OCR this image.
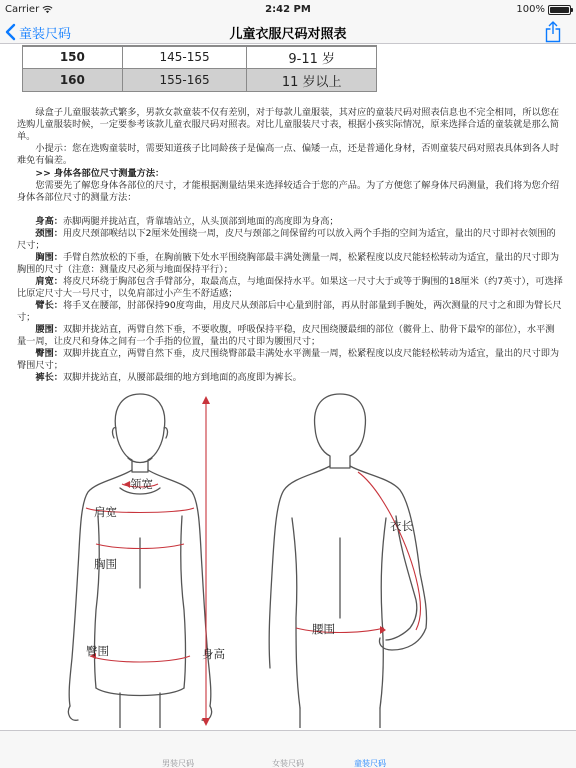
Carrier	2:42 PM	100%
童装尺码	儿童衣服尺码对照表
150	145-155	9-11 岁
160	155-165	11 岁以上

绿盒子儿童服装款式繁多，男款女款童装不仅有差别，对于每款儿童服装，其对应的童装尺码对照表信息也不完全相同，所以您在选购儿童服装时候，一定要参考该款儿童衣服尺码对照表。对比儿童服装尺寸表，根据小孩实际情况，原来选择合适的童装就是那么简单。

小提示：您在选购童装时，需要知道孩子比同龄孩子是偏高一点、偏矮一点，还是普通化身材，否则童装尺码对照表具体到各人时难免有偏差。

>> 身体各部位尺寸测量方法：

您需要先了解您身体各部位的尺寸，才能根据测量结果来选择较适合于您的产品。为了方便您了解身体尺码测量，我们将为您介绍身体各部位尺寸的测量方法：

身高：赤脚两腿并拢站直，背靠墙站立，从头顶部到地面的高度即为身高；

颈围：用皮尺颈部喉结以下2厘米处围绕一周，皮尺与颈部之间保留约可以放入两个手指的空间为适宜，量出的尺寸即衬衣领围的尺寸；

胸围：手臂自然放松的下垂，在胸前腋下处水平围绕胸部最丰满处测量一周，松紧程度以皮尺能轻松转动为适宜，量出的尺寸即为胸围的尺寸（注意：测量皮尺必须与地面保持平行）；

肩宽：将皮尺环绕于胸部包含手臂部分，取最高点，与地面保持水平。如果这一尺寸大于或等于胸围的18厘米（约7英寸），可选择比原定尺寸大一号尺寸，以免肩部过小产生不舒适感；

臂长：将手叉在腰部，肘部保持90度弯曲，用皮尺从颈部后中心量到肘部，再从肘部量到手腕处，两次测量的尺寸之和即为臂长尺寸；

腰围：双脚并拢站直，两臂自然下垂，不要收腹，呼吸保持平稳，皮尺围绕腰最细的部位（髋骨上、肋骨下最窄的部位），水平测量一周，让皮尺和身体之间有一个手指的位置，量出的尺寸即为腰围尺寸；

臀围：双脚并拢直立，两臂自然下垂，皮尺围绕臀部最丰满处水平测量一周，松紧程度以皮尺能轻松转动为适宜，量出的尺寸即为臀围尺寸；

裤长：双脚并拢站直，从腰部最细的地方到地面的高度即为裤长。

领宽
肩宽
胸围
臀围	身高
衣长
腰围
男装尺码	女装尺码	童装尺码
